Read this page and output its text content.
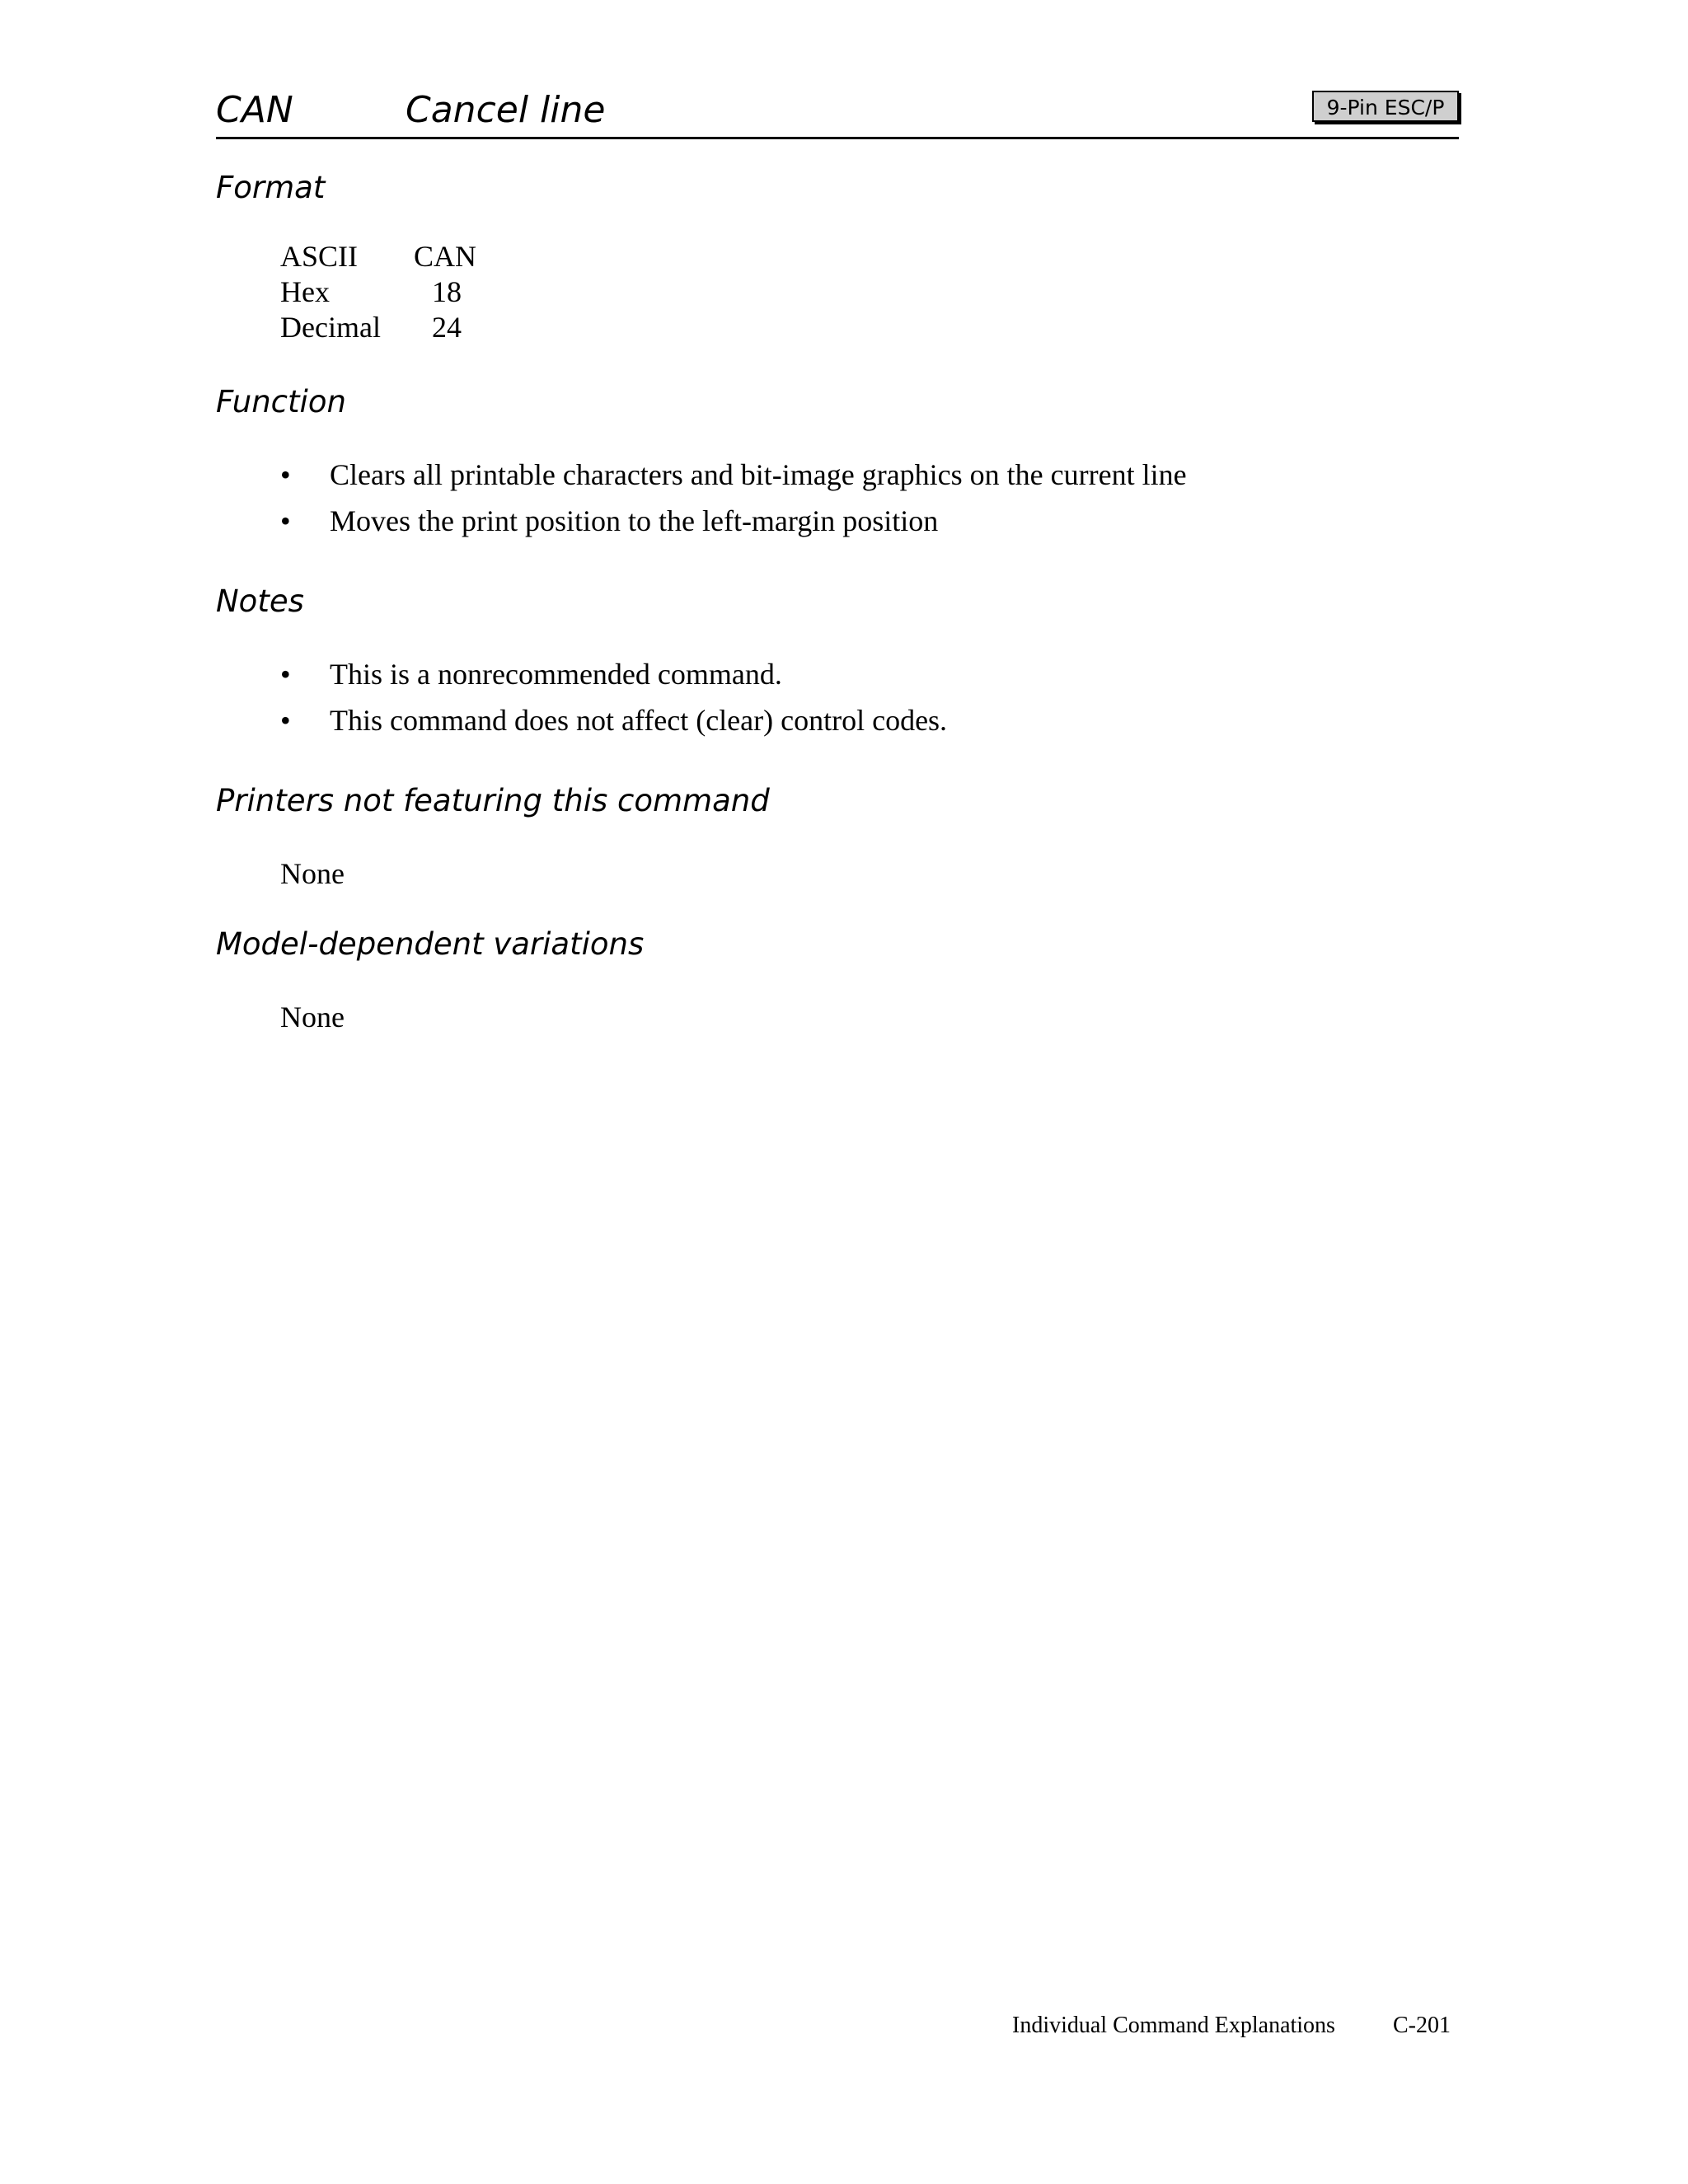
CAN	Cancel line	9-Pin ESC/P
Format
ASCII	CAN
Hex	18
Decimal	24
Function
• Clears all printable characters and bit-image graphics on the current line
• Moves the print position to the left-margin position
Notes
• This is a nonrecommended command.
• This command does not affect (clear) control codes.
Printers not featuring this command
None
Model-dependent variations
None
Individual Command Explanations	C-201
